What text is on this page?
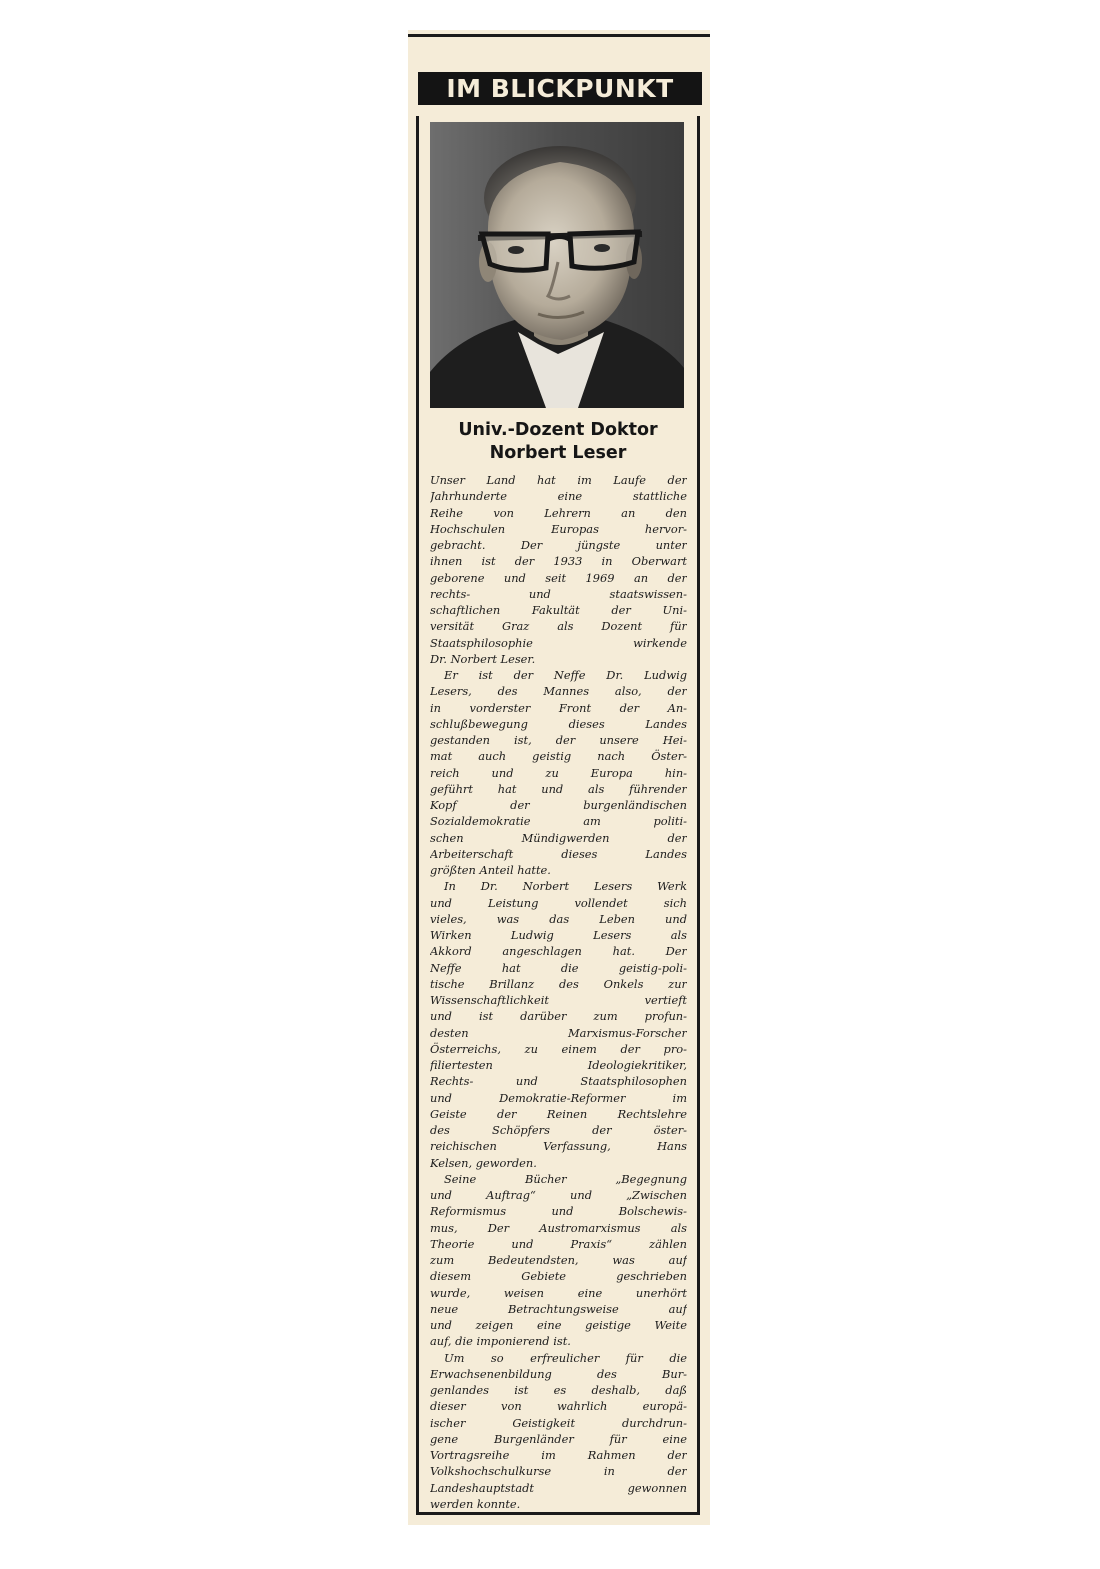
IM BLICKPUNKT
Univ.-Dozent Doktor
Norbert Leser
Unser Land hat im Laufe der
Jahrhunderte eine stattliche
Reihe von Lehrern an den
Hochschulen Europas hervor-
gebracht. Der jüngste unter
ihnen ist der 1933 in Oberwart
geborene und seit 1969 an der
rechts- und staatswissen-
schaftlichen Fakultät der Uni-
versität Graz als Dozent für
Staatsphilosophie wirkende
Dr. Norbert Leser.
Er ist der Neffe Dr. Ludwig
Lesers, des Mannes also, der
in vorderster Front der An-
schlußbewegung dieses Landes
gestanden ist, der unsere Hei-
mat auch geistig nach Öster-
reich und zu Europa hin-
geführt hat und als führender
Kopf der burgenländischen
Sozialdemokratie am politi-
schen Mündigwerden der
Arbeiterschaft dieses Landes
größten Anteil hatte.
In Dr. Norbert Lesers Werk
und Leistung vollendet sich
vieles, was das Leben und
Wirken Ludwig Lesers als
Akkord angeschlagen hat. Der
Neffe hat die geistig-poli-
tische Brillanz des Onkels zur
Wissenschaftlichkeit vertieft
und ist darüber zum profun-
desten Marxismus-Forscher
Österreichs, zu einem der pro-
filiertesten Ideologiekritiker,
Rechts- und Staatsphilosophen
und Demokratie-Reformer im
Geiste der Reinen Rechtslehre
des Schöpfers der öster-
reichischen Verfassung, Hans
Kelsen, geworden.
Seine Bücher „Begegnung
und Auftrag“ und „Zwischen
Reformismus und Bolschewis-
mus, Der Austromarxismus als
Theorie und Praxis“ zählen
zum Bedeutendsten, was auf
diesem Gebiete geschrieben
wurde, weisen eine unerhört
neue Betrachtungsweise auf
und zeigen eine geistige Weite
auf, die imponierend ist.
Um so erfreulicher für die
Erwachsenenbildung des Bur-
genlandes ist es deshalb, daß
dieser von wahrlich europä-
ischer Geistigkeit durchdrun-
gene Burgenländer für eine
Vortragsreihe im Rahmen der
Volkshochschulkurse in der
Landeshauptstadt gewonnen
werden konnte.
